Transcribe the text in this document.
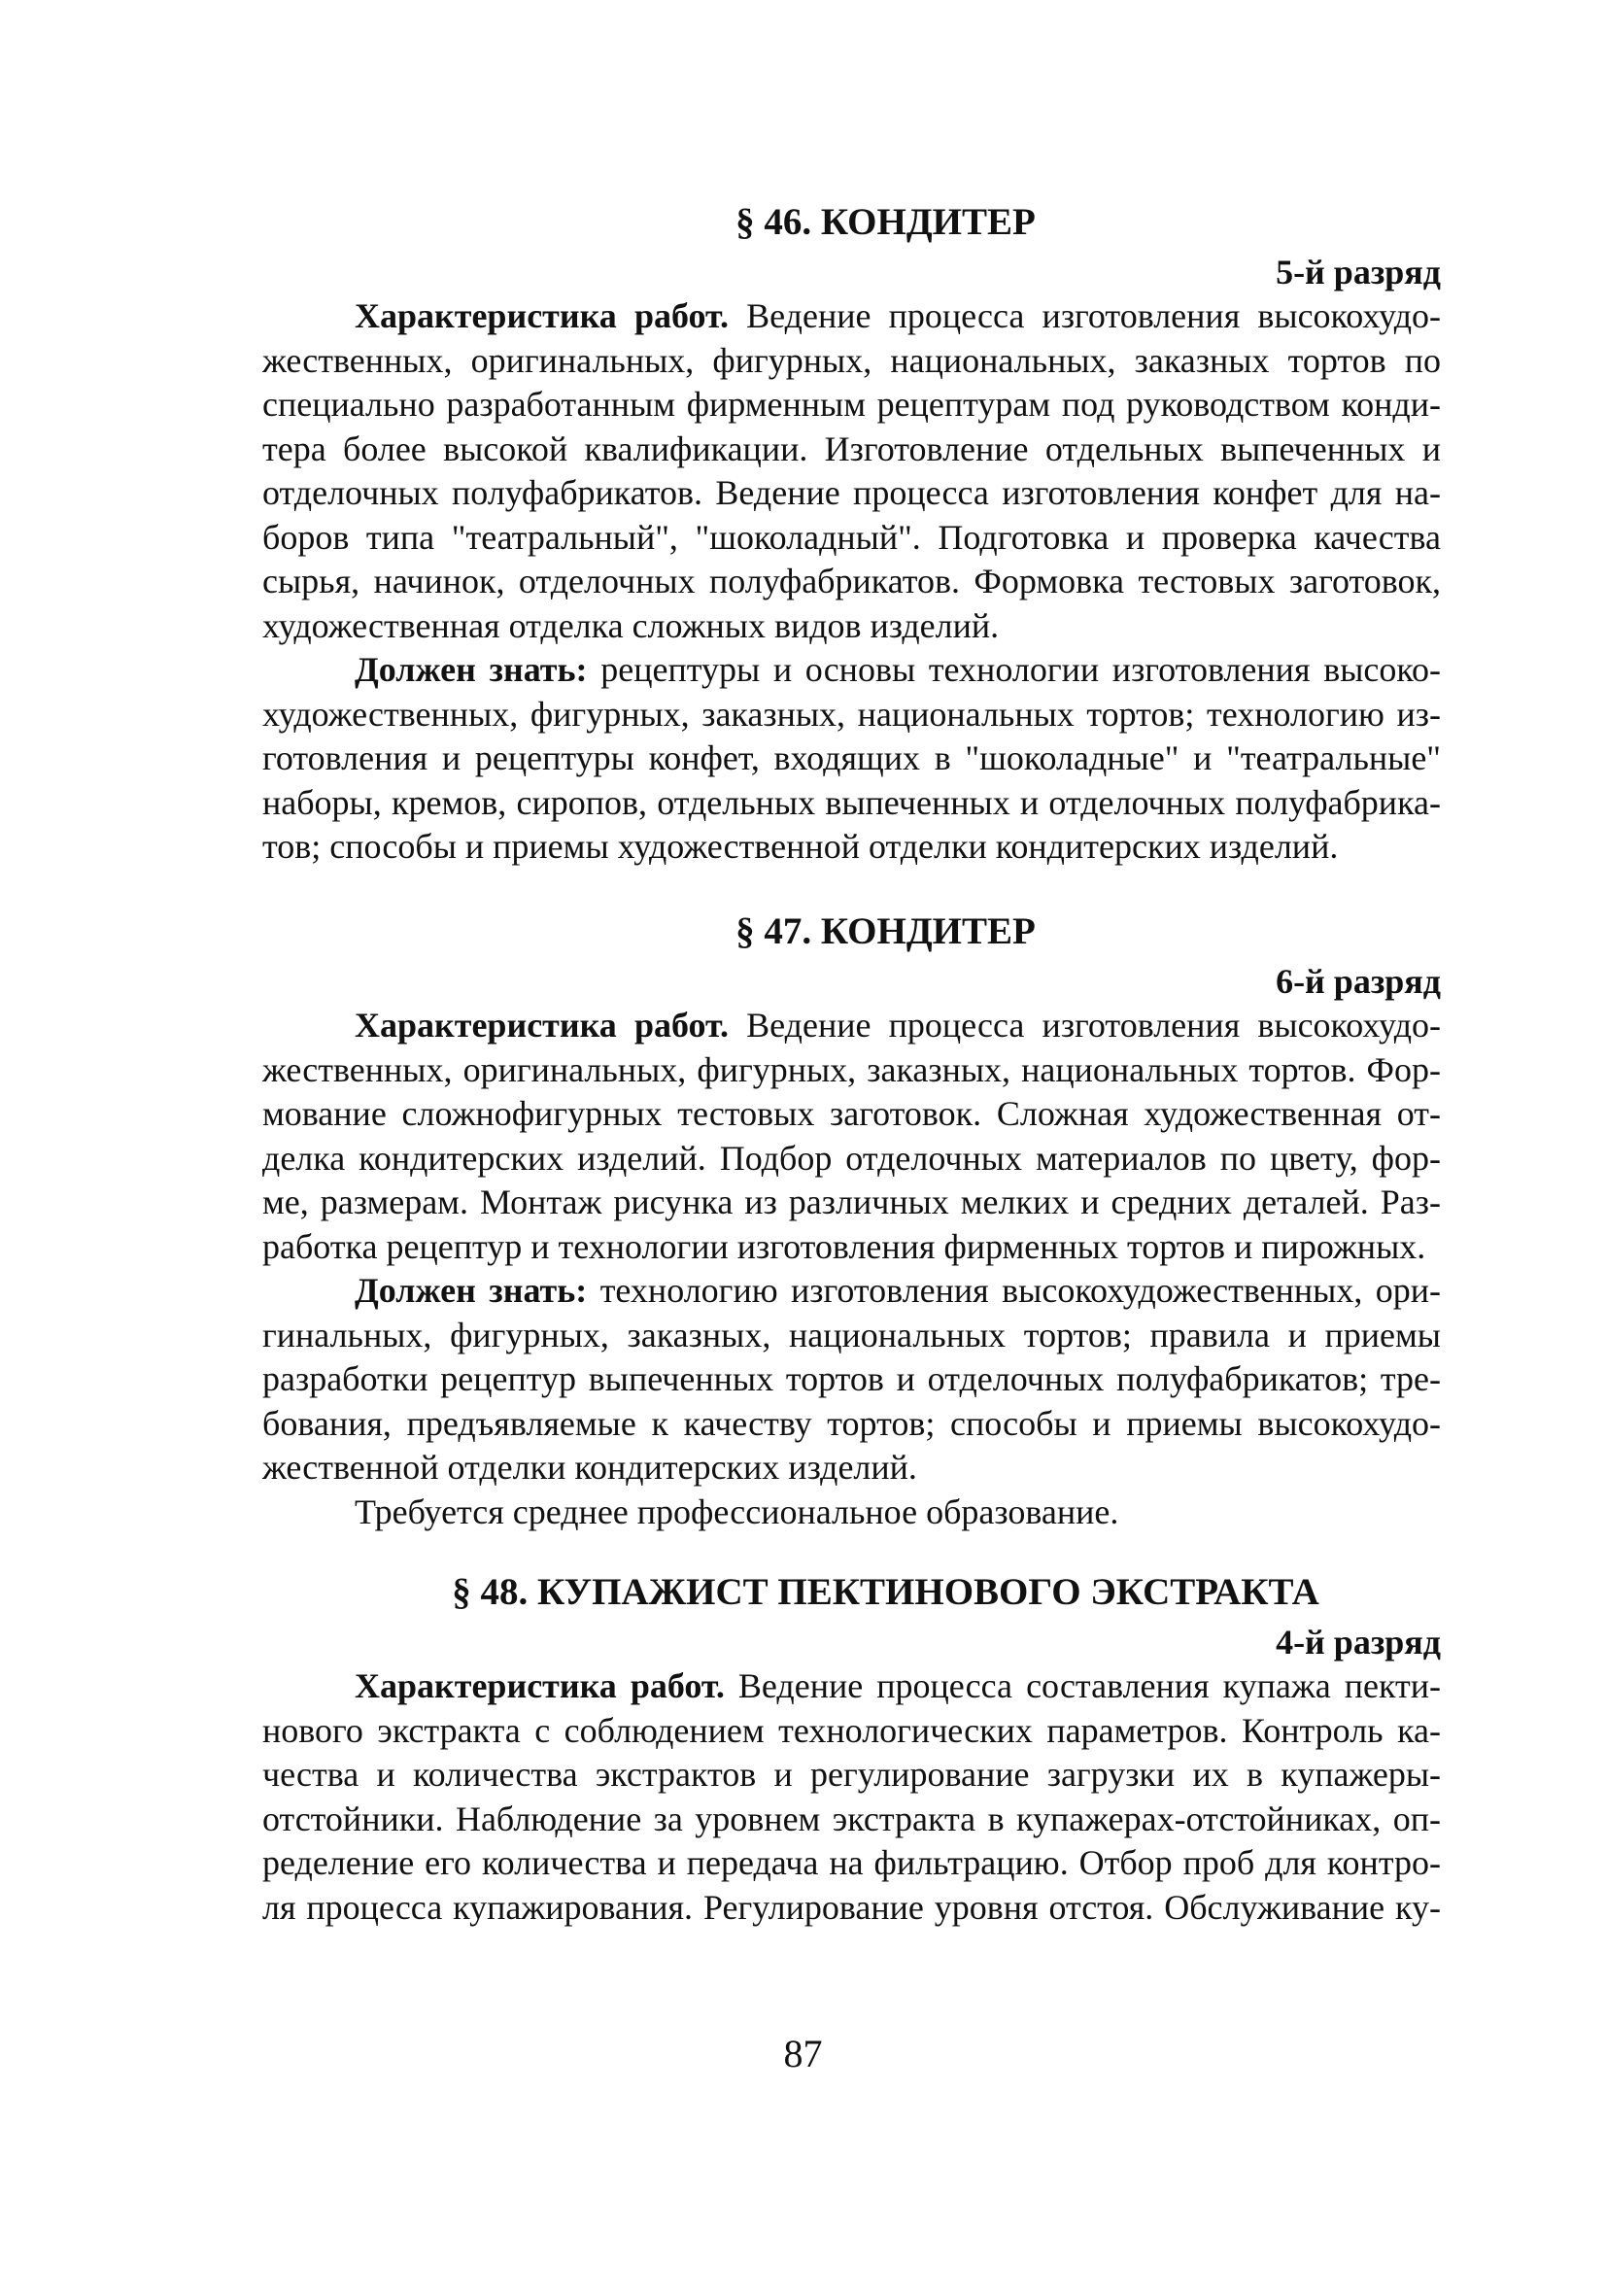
§ 46. КОНДИТЕР
5-й разряд

Характеристика работ. Ведение процесса изготовления высокохудо-
жественных, оригинальных, фигурных, национальных, заказных тортов по
специально разработанным фирменным рецептурам под руководством конди-
тера более высокой квалификации. Изготовление отдельных выпеченных и
отделочных полуфабрикатов. Ведение процесса изготовления конфет для на-
боров типа "театральный", "шоколадный". Подготовка и проверка качества
сырья, начинок, отделочных полуфабрикатов. Формовка тестовых заготовок,
художественная отделка сложных видов изделий.

Должен знать: рецептуры и основы технологии изготовления высоко-
художественных, фигурных, заказных, национальных тортов; технологию из-
готовления и рецептуры конфет, входящих в "шоколадные" и "театральные"
наборы, кремов, сиропов, отдельных выпеченных и отделочных полуфабрика-
тов; способы и приемы художественной отделки кондитерских изделий.

§ 47. КОНДИТЕР
6-й разряд

Характеристика работ. Ведение процесса изготовления высокохудо-
жественных, оригинальных, фигурных, заказных, национальных тортов. Фор-
мование сложнофигурных тестовых заготовок. Сложная художественная от-
делка кондитерских изделий. Подбор отделочных материалов по цвету, фор-
ме, размерам. Монтаж рисунка из различных мелких и средних деталей. Раз-
работка рецептур и технологии изготовления фирменных тортов и пирожных.

Должен знать: технологию изготовления высокохудожественных, ори-
гинальных, фигурных, заказных, национальных тортов; правила и приемы
разработки рецептур выпеченных тортов и отделочных полуфабрикатов; тре-
бования, предъявляемые к качеству тортов; способы и приемы высокохудо-
жественной отделки кондитерских изделий.

Требуется среднее профессиональное образование.

§ 48. КУПАЖИСТ ПЕКТИНОВОГО ЭКСТРАКТА
4-й разряд

Характеристика работ. Ведение процесса составления купажа пекти-
нового экстракта с соблюдением технологических параметров. Контроль ка-
чества и количества экстрактов и регулирование загрузки их в купажеры-
отстойники. Наблюдение за уровнем экстракта в купажерах-отстойниках, оп-
ределение его количества и передача на фильтрацию. Отбор проб для контро-
ля процесса купажирования. Регулирование уровня отстоя. Обслуживание ку-

87
